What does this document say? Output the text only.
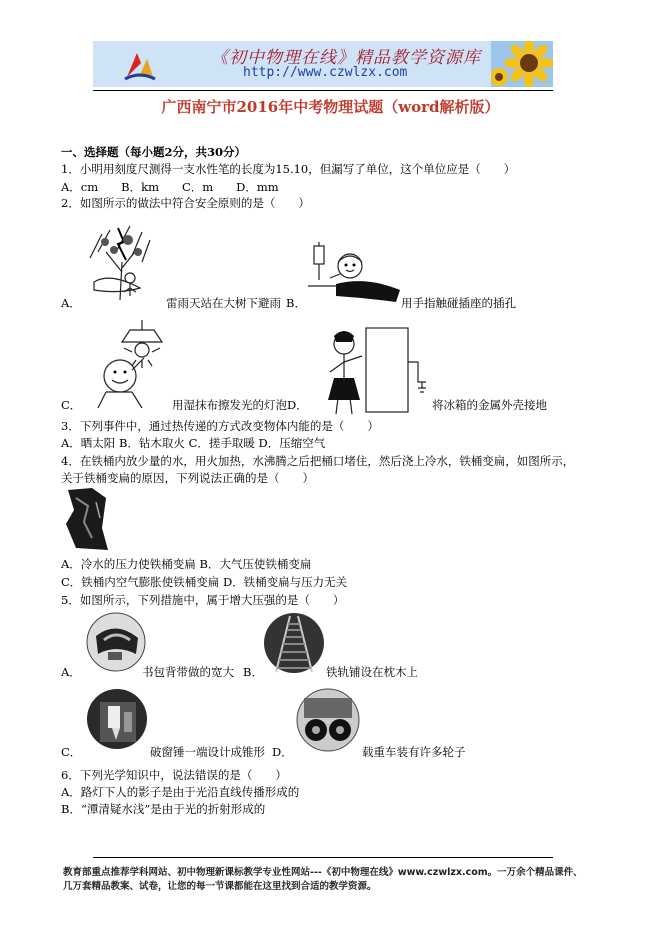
《初中物理在线》精品教学资源库
http://www.czwlzx.com
广西南宁市2016年中考物理试题（word解析版）
一、选择题（每小题2分，共30分）
1．小明用刻度尺测得一支水性笔的长度为15.10，但漏写了单位，这个单位应是（　　）
A．cm　　B．km　　C．m　　D．mm
2．如图所示的做法中符合安全原则的是（　　）
A．	雷雨天站在大树下避雨 B．	用手指触碰插座的插孔
C．	用湿抹布擦发光的灯泡 D．	将冰箱的金属外壳接地
3．下列事件中，通过热传递的方式改变物体内能的是（　　）
A．晒太阳 B．钻木取火 C．搓手取暖 D．压缩空气
4．在铁桶内放少量的水，用火加热，水沸腾之后把桶口堵住，然后浇上冷水，铁桶变扁，如图所示，
关于铁桶变扁的原因，下列说法正确的是（　　）
A．冷水的压力使铁桶变扁 B．大气压使铁桶变扁
C．铁桶内空气膨胀使铁桶变扁 D．铁桶变扁与压力无关
5．如图所示，下列措施中，属于增大压强的是（　　）
A．	书包背带做的宽大 B．	铁轨铺设在枕木上
C．	破窗锤一端设计成锥形 D．	载重车装有许多轮子
6．下列光学知识中，说法错误的是（　　）
A．路灯下人的影子是由于光沿直线传播形成的
B．“潭清疑水浅”是由于光的折射形成的
教育部重点推荐学科网站、初中物理新课标教学专业性网站---《初中物理在线》www.czwlzx.com。一万余个精品课件、
几万套精品教案、试卷，让您的每一节课都能在这里找到合适的教学资源。
